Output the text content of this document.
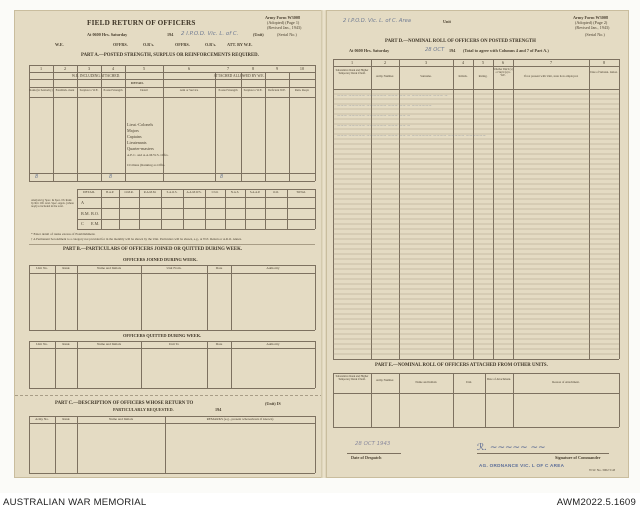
FIELD RETURN OF OFFICERS
Army Form W3008
(Adopted) (Page 1)
(Revised Jan., 1943)
(Serial No.)
At 0600 Hrs. Saturday	194 2 I.P.O.D. Vic. L. of C.	(Unit)
W.E.	OFFRS.	O.R's.	OFFRS.	O.R's.	ATT. BY W.E.
PART A.—POSTED STRENGTH, SURPLUS OR REINFORCEMENTS REQUIRED.
1	2	3	4	5	6	7	8	9	10
W.E. INCLUDING ATTACHED.	ATTACHED ALLOWED BY W.E.
Rank (in Seniority)	Establish- ment	Surplus to W.E.	Posted Strength	Detail	Arm or Service	Posted Strength	Surplus to W.E.	Deficient W.E.	Rein. Reqd.
DETAIL
Lieut.-Colonels
Majors
Captains
Lieutenants
Quarter-masters
A.E.C. and A.A.M.W.S. Offrs.
Civilians (Ranking as Offrs.
8	8	8
DETAIL	B.A.P.	O.M.R.	R.A.M.M.	S.A.O.S.	A.A.M.W.S.	Civil.	N.A.S.	S.A.A.P.	O.O.	TOTAL
Analysis by Spec. & Spec. Dv Rank by RO. Off. total. Spec. Appts. (where reqd) to included in the total.
A
B.M.
C
B.O.
E.M.
* Enter detail of ranks excess of Establishment.
† A Permanent Secondment to a category not provided for in the monthly will be shown by the Unit. Particulars will be shown, e.g., at W.E. Return or A.R.O. Annex.
PART B.—PARTICULARS OF OFFICERS JOINED OR QUITTED DURING WEEK.
OFFICERS JOINED DURING WEEK.
Unit No.	Rank	Name and Initials	Unit From.	Date	Authority
OFFICERS QUITTED DURING WEEK.
Unit No.	Rank	Name and Initials	Unit To	Date	Authority
PART C.—DESCRIPTION OF OFFICERS WHOSE RETURN TO	(Unit) IS
PARTICULARLY REQUESTED.	194
Army No.	Rank	Name and Initials	REMARKS (e.g., present whereabouts if known)
2 I.P.O.D. Vic. L. of C. Area	Unit
Army Form W3008
(Adopted) (Page 2)
(Revised Jan., 1943)
(Serial No.)
PART D.—NOMINAL ROLL OF OFFICERS ON POSTED STRENGTH
At 0600 Hrs. Saturday	28 OCT 194 (Total to agree with Columns 4 and 7 of Part A.)
1	2	3	4	5	6	7	8
Substantive Rank and Higher Temporary Rank if held.
Army Number.	Surname.	Initials.	Rating.
Whether Dist'd (x) or Sup'd (s) to W.E.	If not present with Unit, state how employed.
Date of Substan- tiation.
~~~ ~~~~~ ~~~~~~ ~~~ ~~ ~ ~~~~~~ ~~~ ~
~~~ ~~~~~ ~~~~~~ ~~~ ~~ ~ ~~~~~~
~~~ ~~~~~ ~~~~~~ ~~~ ~~ ~
~~~ ~~~~~ ~~~~~~ ~~~ ~~ ~
~~~ ~~~~~ ~~~~~~ ~~~ ~~ ~ ~~~~~~ ~~~~ ~~~~~ ~~~~~~
PART E.—NOMINAL ROLL OF OFFICERS ATTACHED FROM OTHER UNITS.
Substantive Rank and Higher Temporary Rank if held.	Army Number.	Name and Initials	Unit.
Date of Attachment.
Reason of Attachment.
28 OCT 1943
Date of Despatch
ℛ. ~~~~~ ~~
Signature of Commander
AG. ORDNANCE VIC. L OF C AREA
W.W. No. 3002 5/43
AUSTRALIAN WAR MEMORIAL	AWM2022.5.1609
